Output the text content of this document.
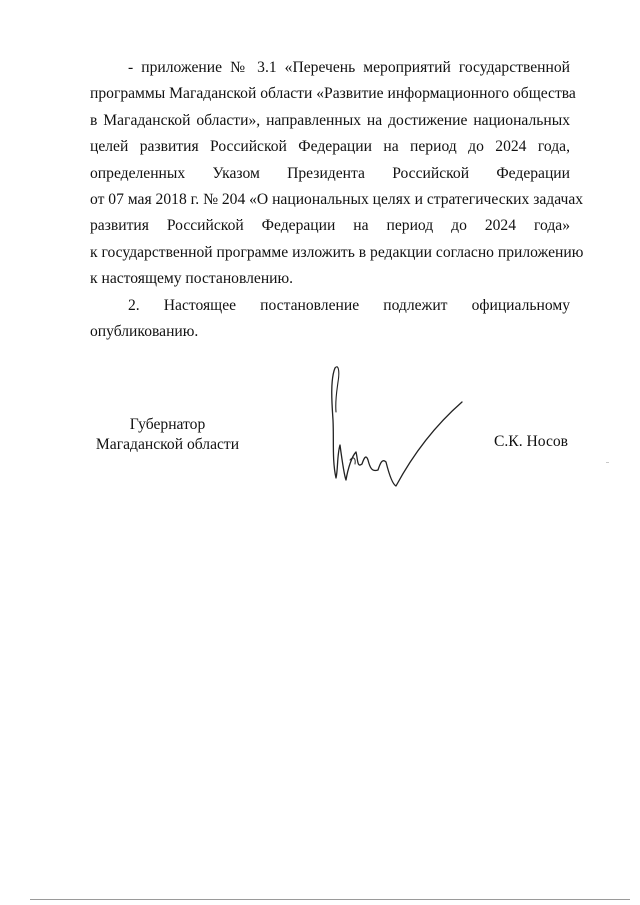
- приложение № 3.1 «Перечень мероприятий государственной
программы Магаданской области «Развитие информационного общества
в Магаданской области», направленных на достижение национальных
целей развития Российской Федерации на период до 2024 года,
определенных Указом Президента Российской Федерации
от 07 мая 2018 г. № 204 «О национальных целях и стратегических задачах
развития Российской Федерации на период до 2024 года»
к государственной программе изложить в редакции согласно приложению
к настоящему постановлению.

2. Настоящее постановление подлежит официальному
опубликованию.

Губернатор
Магаданской области	С.К. Носов
